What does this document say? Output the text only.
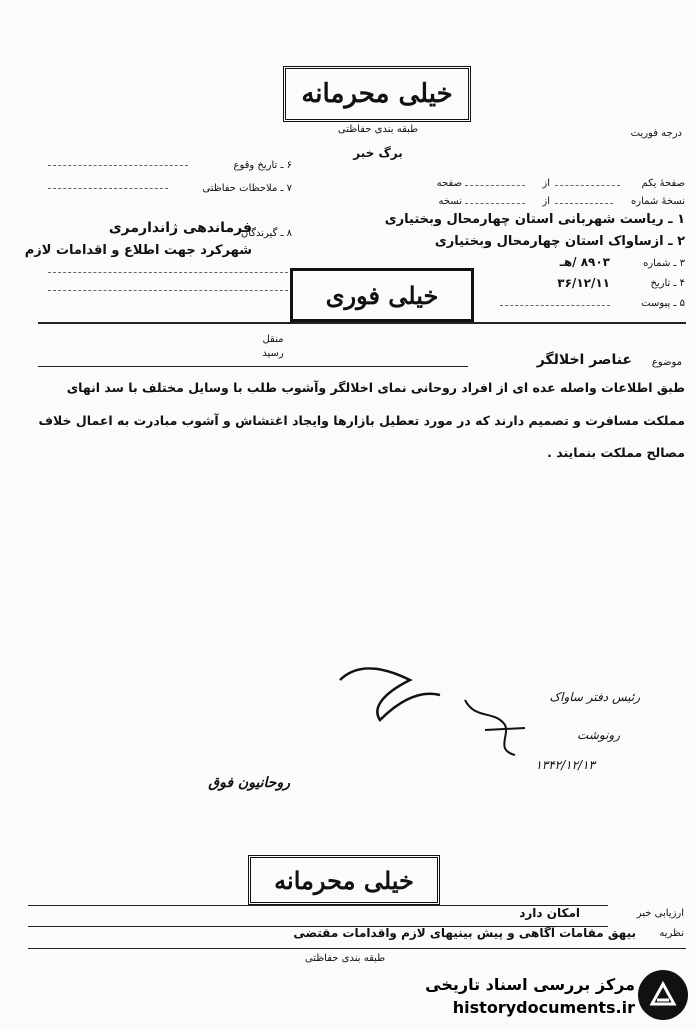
خیلی محرمانه
طبقه بندی حفاظتی
برگ خبر
درجه فوریت
۶ ـ تاریخ وقوع
۷ ـ ملاحظات حفاظتی
۸ ـ گیرندگان
فرماندهی ژاندارمری
شهرکرد جهت اطلاع و اقدامات لازم
صفحهٔ یکم
از
صفحه
نسخهٔ شماره
از
نسخه
۱ ـ ریاست شهربانی استان چهارمحال وبختیاری
۲ ـ ازساواک استان چهارمحال وبختیاری
۳ ـ شماره
۸۹۰۳ /هـ
۴ ـ تاریخ
۳۶/۱۲/۱۱
۵ ـ پیوست
خیلی فوری
منقل
رسید
موضوع
عناصر اخلالگر
طبق اطلاعات واصله عده ای از افراد روحانی نمای اخلالگر وآشوب طلب با وسایل مختلف با سد انهای
مملکت مسافرت و تصمیم دارند که در مورد تعطیل بازارها وایجاد اغتشاش و آشوب مبادرت به اعمال خلاف
مصالح مملکت بنمایند .
رئیس دفتر ساواک
رونوشت
۱۳۴۲/۱۲/۱۳
روحانیون فوق
خیلی محرمانه
ارزیابی خبر
امکان دارد
نظریه
بیهق مقامات آگاهی و پیش بینیهای لازم واقدامات مقتضی
طبقه بندی حفاظتی
مرکز بررسی اسناد تاریخی
historydocuments.ir
